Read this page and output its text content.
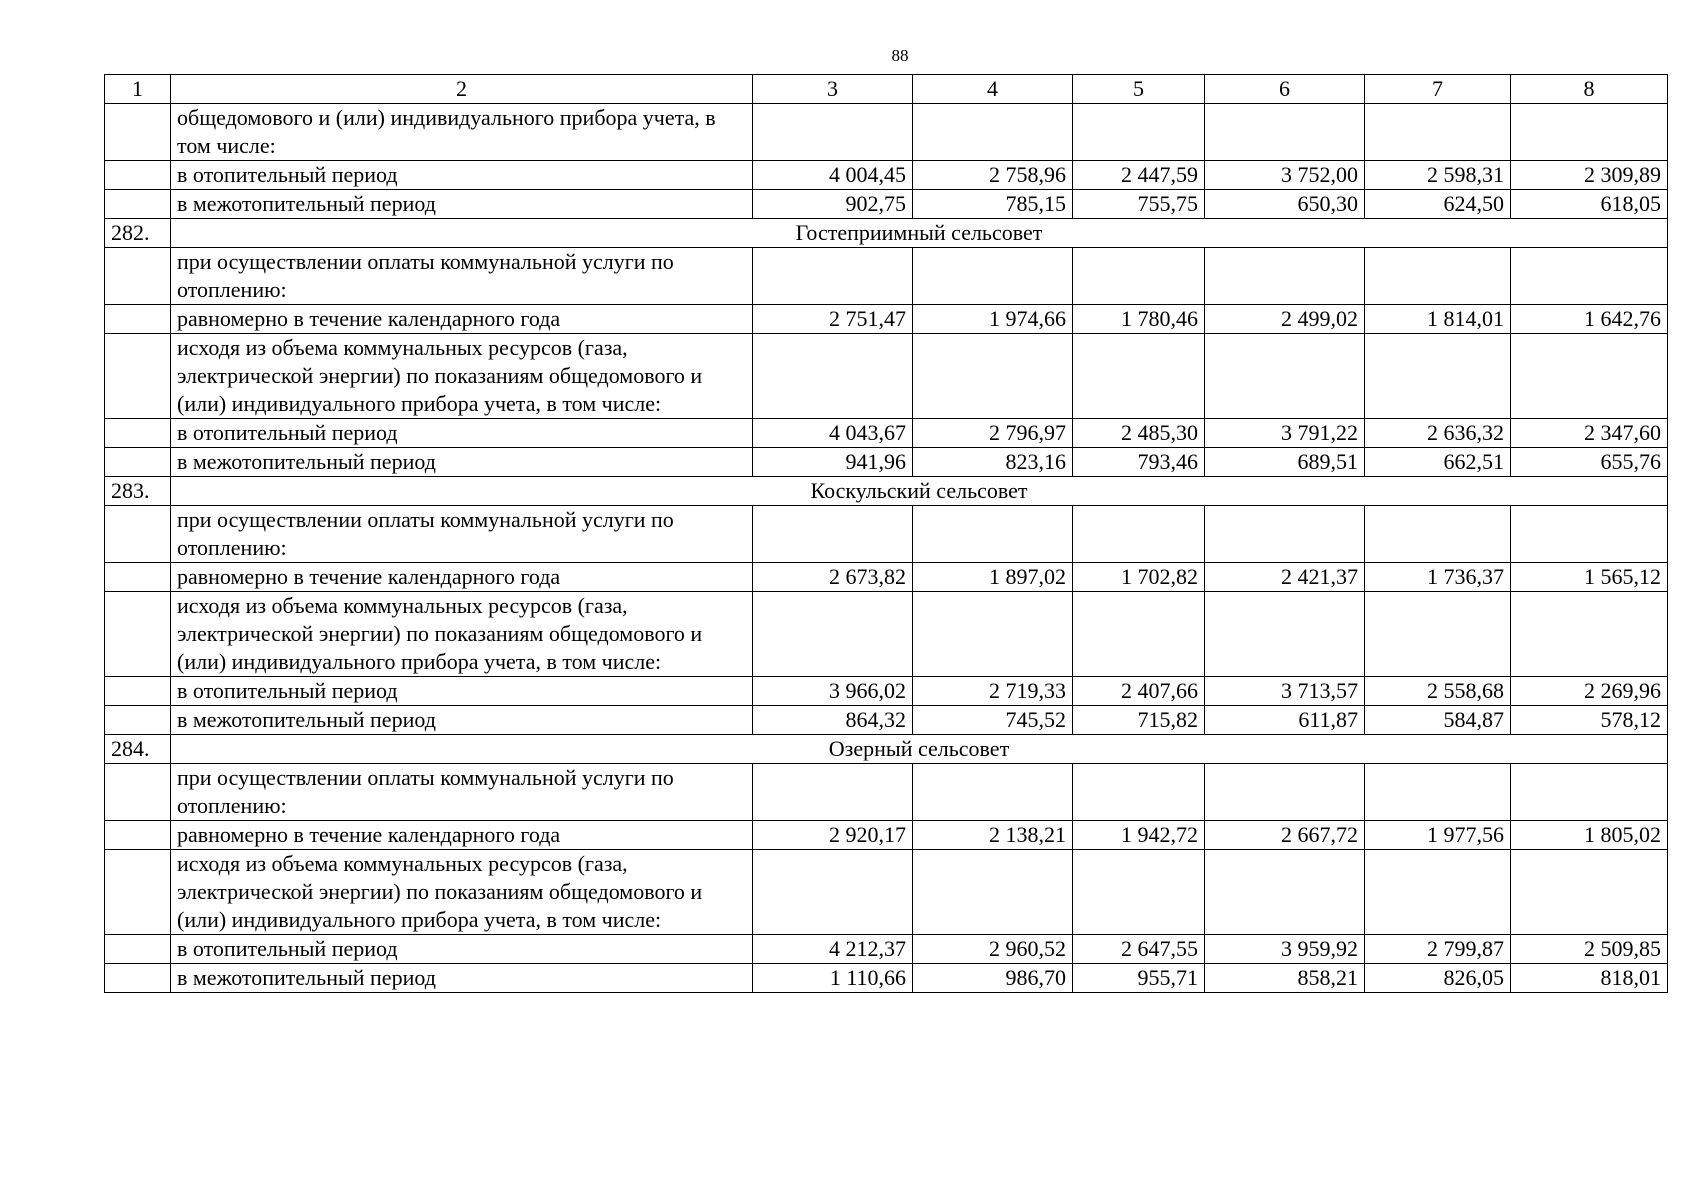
88
1	2	3	4	5	6	7	8
	общедомового и (или) индивидуального прибора учета, в том числе:						
	в отопительный период	4 004,45	2 758,96	2 447,59	3 752,00	2 598,31	2 309,89
	в межотопительный период	902,75	785,15	755,75	650,30	624,50	618,05
282.	Гостеприимный сельсовет						
	при осуществлении оплаты коммунальной услуги по отоплению:						
	равномерно в течение календарного года	2 751,47	1 974,66	1 780,46	2 499,02	1 814,01	1 642,76
	исходя из объема коммунальных ресурсов (газа, электрической энергии) по показаниям общедомового и (или) индивидуального прибора учета, в том числе:						
	в отопительный период	4 043,67	2 796,97	2 485,30	3 791,22	2 636,32	2 347,60
	в межотопительный период	941,96	823,16	793,46	689,51	662,51	655,76
283.	Коскульский сельсовет						
	при осуществлении оплаты коммунальной услуги по отоплению:						
	равномерно в течение календарного года	2 673,82	1 897,02	1 702,82	2 421,37	1 736,37	1 565,12
	исходя из объема коммунальных ресурсов (газа, электрической энергии) по показаниям общедомового и (или) индивидуального прибора учета, в том числе:						
	в отопительный период	3 966,02	2 719,33	2 407,66	3 713,57	2 558,68	2 269,96
	в межотопительный период	864,32	745,52	715,82	611,87	584,87	578,12
284.	Озерный сельсовет						
	при осуществлении оплаты коммунальной услуги по отоплению:						
	равномерно в течение календарного года	2 920,17	2 138,21	1 942,72	2 667,72	1 977,56	1 805,02
	исходя из объема коммунальных ресурсов (газа, электрической энергии) по показаниям общедомового и (или) индивидуального прибора учета, в том числе:						
	в отопительный период	4 212,37	2 960,52	2 647,55	3 959,92	2 799,87	2 509,85
	в межотопительный период	1 110,66	986,70	955,71	858,21	826,05	818,01
